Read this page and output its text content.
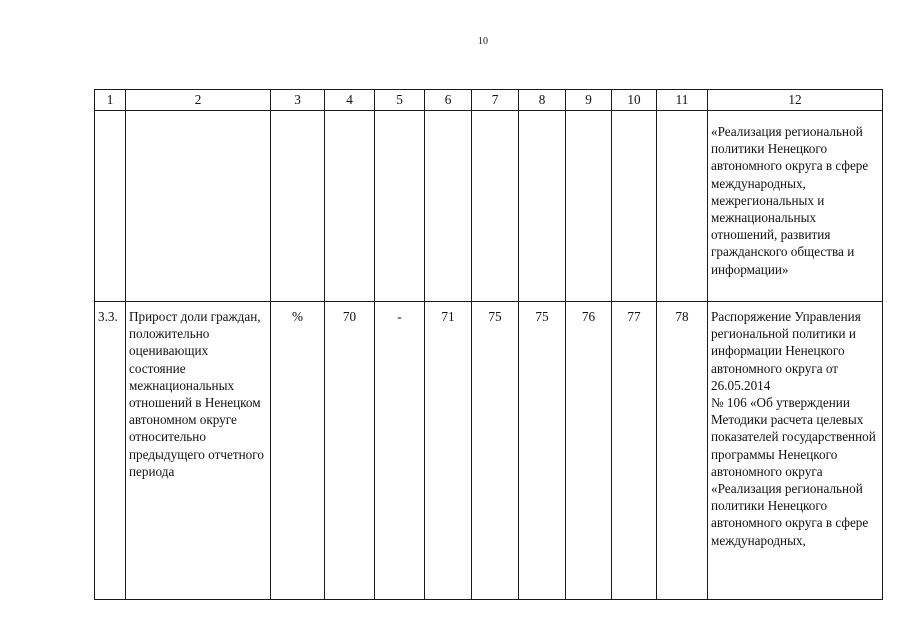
10
1	2	3	4	5	6	7	8	9	10	11	12
											«Реализация региональной политики Ненецкого автономного округа в сфере международных, межрегиональных и межнациональных отношений, развития гражданского общества и информации»
3.3.	Прирост доли граждан, положительно оценивающих состояние межнациональных отношений в Ненецком автономном округе относительно предыдущего отчетного периода	%	70	-	71	75	75	76	77	78	Распоряжение Управления региональной политики и информации Ненецкого автономного округа от 26.05.2014
№ 106 «Об утверждении Методики расчета целевых показателей государственной программы Ненецкого автономного округа «Реализация региональной политики Ненецкого автономного округа в сфере международных,
